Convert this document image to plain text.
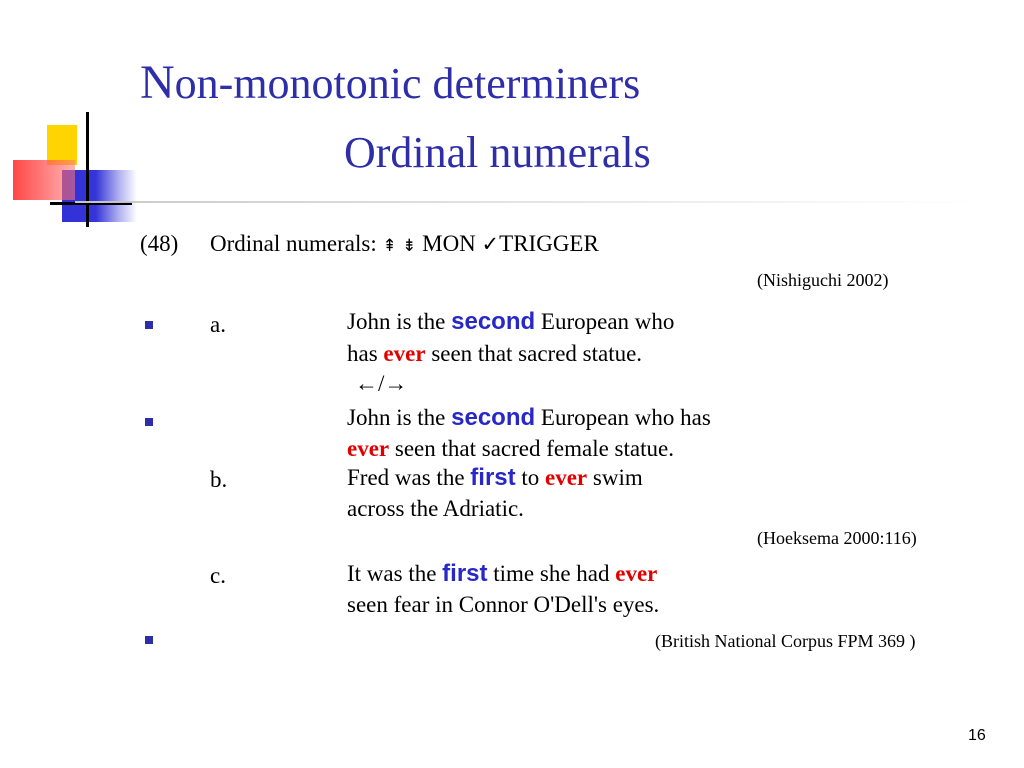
Non-monotonic determiners
Ordinal numerals
(48) Ordinal numerals: ⇞ ⇟ MON ✓TRIGGER
(Nishiguchi 2002)
a.	John is the second European who
has ever seen that sacred statue.
←/→
John is the second European who has
ever seen that sacred female statue.
b.	Fred was the first to ever swim
across the Adriatic.
(Hoeksema 2000:116)
c.	It was the first time she had ever
seen fear in Connor O'Dell's eyes.
(British National Corpus FPM 369 )
16
